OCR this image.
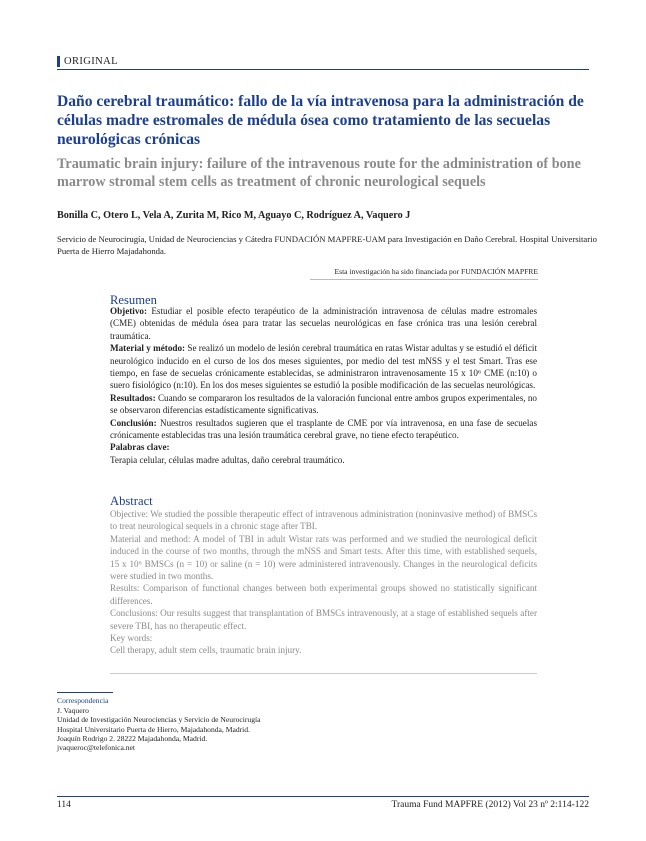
ORIGINAL
Daño cerebral traumático: fallo de la vía intravenosa para la administración de células madre estromales de médula ósea como tratamiento de las secuelas neurológicas crónicas
Traumatic brain injury: failure of the intravenous route for the administration of bone marrow stromal stem cells as treatment of chronic neurological sequels
Bonilla C, Otero L, Vela A, Zurita M, Rico M, Aguayo C, Rodríguez A, Vaquero J
Servicio de Neurocirugía, Unidad de Neurociencias y Cátedra FUNDACIÓN MAPFRE-UAM para Investigación en Daño Cerebral. Hospital Universitario Puerta de Hierro Majadahonda.
Esta investigación ha sido financiada por FUNDACIÓN MAPFRE
Resumen
Objetivo: Estudiar el posible efecto terapéutico de la administración intravenosa de células madre estromales (CME) obtenidas de médula ósea para tratar las secuelas neurológicas en fase crónica tras una lesión cerebral traumática.
Material y método: Se realizó un modelo de lesión cerebral traumática en ratas Wistar adultas y se estudió el déficit neurológico inducido en el curso de los dos meses siguientes, por medio del test mNSS y el test Smart. Tras ese tiempo, en fase de secuelas crónicamente establecidas, se administraron intravenosamente 15 x 10⁶ CME (n:10) o suero fisiológico (n:10). En los dos meses siguientes se estudió la posible modificación de las secuelas neurológicas.
Resultados: Cuando se compararon los resultados de la valoración funcional entre ambos grupos experimentales, no se observaron diferencias estadísticamente significativas.
Conclusión: Nuestros resultados sugieren que el trasplante de CME por vía intravenosa, en una fase de secuelas crónicamente establecidas tras una lesión traumática cerebral grave, no tiene efecto terapéutico.
Palabras clave:
Terapia celular, células madre adultas, daño cerebral traumático.
Abstract
Objective: We studied the possible therapeutic effect of intravenous administration (noninvasive method) of BMSCs to treat neurological sequels in a chronic stage after TBI.
Material and method: A model of TBI in adult Wistar rats was performed and we studied the neurological deficit induced in the course of two months, through the mNSS and Smart tests. After this time, with established sequels, 15 x 10⁶ BMSCs (n = 10) or saline (n = 10) were administered intravenously. Changes in the neurological deficits were studied in two months.
Results: Comparison of functional changes between both experimental groups showed no statistically significant differences.
Conclusions: Our results suggest that transplantation of BMSCs intravenously, at a stage of established sequels after severe TBI, has no therapeutic effect.
Key words:
Cell therapy, adult stem cells, traumatic brain injury.
Correspondencia
J. Vaquero
Unidad de Investigación Neurociencias y Servicio de Neurocirugía
Hospital Universitario Puerta de Hierro, Majadahonda, Madrid.
Joaquín Rodrigo 2. 28222 Majadahonda, Madrid.
jvaqueroc@telefonica.net
114	Trauma Fund MAPFRE (2012) Vol 23 nº 2:114-122
